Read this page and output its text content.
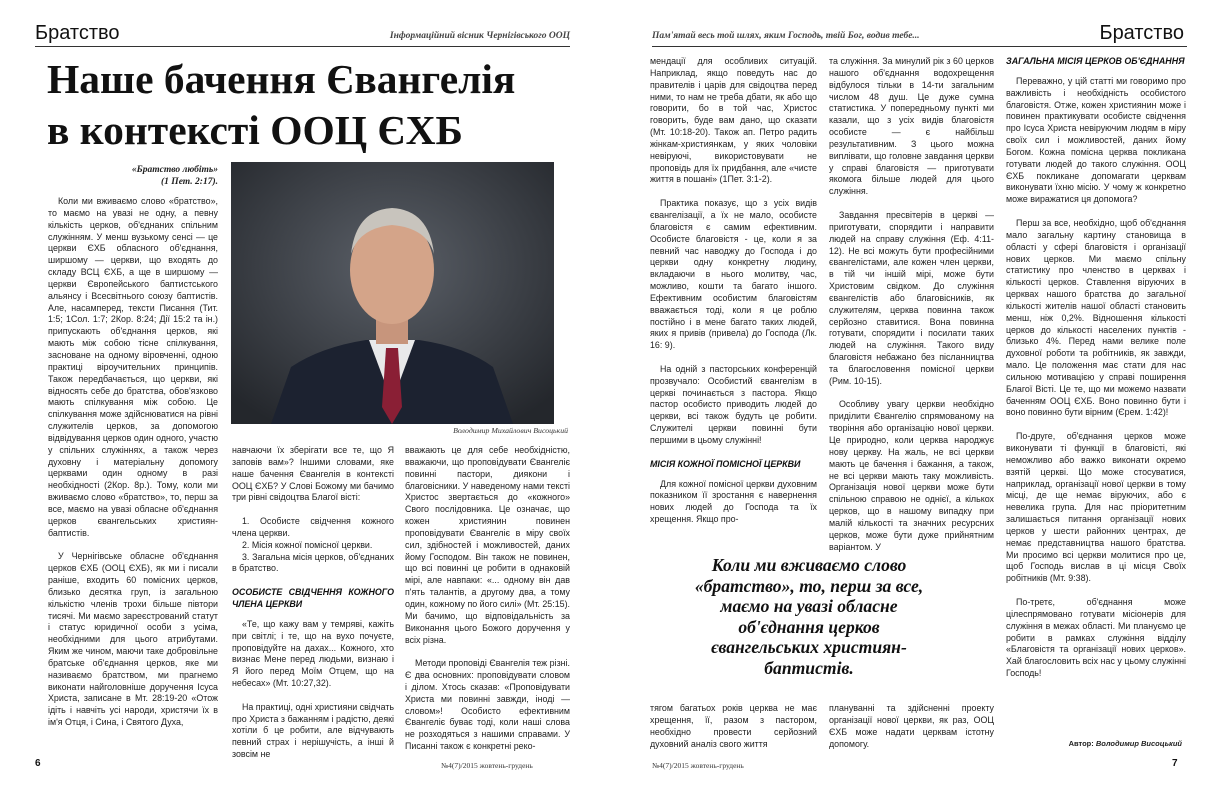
Братство	Інформаційний вісник Чернігівського ООЦ
Наше бачення Євангелія
в контексті ООЦ ЄХБ

«Братство любіть»
(1 Пет. 2:17).

Коли ми вживаємо слово «братство», то маємо на увазі не одну, а певну кількість церков, об'єднаних спільним служінням. У менш вузькому сенсі — це церкви ЄХБ обласного об'єднання, ширшому — церкви, що входять до складу ВСЦ ЄХБ, а ще в ширшому — церкви Європейського баптистського альянсу і Всесвітнього союзу баптистів. Але, насамперед, тексти Писання (Тит. 1:5; 1Сол. 1:7; 2Кор. 8:24; Дії 15:2 та ін.) припускають об'єднання церков, які мають між собою тісне спілкування, засноване на одному віровченні, одною практиці віроучительних принципів. Також передбачається, що церкви, які відносять себе до братства, обов'язково мають спілкування між собою. Це спілкування може здійснюватися на рівні служителів церков, за допомогою відвідування церков один одного, участю у спільних служіннях, а також через духовну і матеріальну допомогу церквами один одному в разі необхідності (2Кор. 8р.). Тому, коли ми вживаємо слово «братство», то, перш за все, маємо на увазі обласне об'єднання церков євангельських християн-баптистів.

У Чернігівське обласне об'єднання церков ЄХБ (ООЦ ЄХБ), як ми і писали раніше, входить 60 помісних церков, близько десятка груп, із загальною кількістю членів трохи більше півтори тисячі. Ми маємо зареєстрований статут і статус юридичної особи з усіма, необхідними для цього атрибутами. Яким же чином, маючи таке добровільне братське об'єднання церков, яке ми називаємо братством, ми прагнемо виконати найголовніше доручення Ісуса Христа, записане в Мт. 28:19-20 «Отож ідіть і навчіть усі народи, христячи їх в ім'я Отця, і Сина, і Святого Духа,

Володимир Михайлович Висоцький

навчаючи їх зберігати все те, що Я заповів вам»? Іншими словами, яке наше бачення Євангелія в контексті ООЦ ЄХБ? У Слові Божому ми бачимо три рівні свідоцтва Благої вісті:

1. Особисте свідчення кожного члена церкви.

2. Місія кожної помісної церкви.

3. Загальна місія церков, об'єднаних в братство.

ОСОБИСТЕ СВІДЧЕННЯ КОЖНОГО ЧЛЕНА ЦЕРКВИ

«Те, що кажу вам у темряві, кажіть при світлі; і те, що на вухо почуєте, проповідуйте на дахах... Кожного, хто визнає Мене перед людьми, визнаю і Я його перед Моїм Отцем, що на небесах» (Мт. 10:27,32).

На практиці, одні християни свідчать про Христа з бажанням і радістю, деякі хотіли б це робити, але відчувають певний страх і нерішучість, а інші й зовсім не

вважають це для себе необхідністю, вважаючи, що проповідувати Євангеліє повинні пастори, диякони і благовісники. У наведеному нами тексті Христос звертається до «кожного» Свого послідовника. Це означає, що кожен християнин повинен проповідувати Євангеліє в міру своїх сил, здібностей і можливостей, даних йому Господом. Він також не повинен, що всі повинні це робити в однаковій мірі, але навпаки: «... одному він дав п'ять талантів, а другому два, а тому один, кожному по його силі» (Мт. 25:15). Ми бачимо, що відповідальність за Виконання цього Божого доручення у всіх різна.

Методи проповіді Євангелія теж різні. Є два основних: проповідувати словом і ділом. Хтось сказав: «Проповідувати Христа ми повинні завжди, іноді — словом»! Особисто ефективним Євангеліє буває тоді, коли наші слова не розходяться з нашими справами. У Писанні також є конкретні реко-

6	№4(7)/2015 жовтень-грудень
Пам'ятай весь той шлях, яким Господь, твій Бог, водив тебе...	Братство

мендації для особливих ситуацій. Наприклад, якщо поведуть нас до правителів і царів для свідоцтва перед ними, то нам не треба дбати, як або що говорити, бо в той час, Христос говорить, буде вам дано, що сказати (Мт. 10:18-20). Також ап. Петро радить жінкам-християнкам, у яких чоловіки невіруючі, використовувати не проповідь для їх придбання, але «чисте життя в пошані» (1Пет. 3:1-2).

Практика показує, що з усіх видів євангелізації, а їх не мало, особисте благовістя є самим ефективним. Особисте благовістя - це, коли я за певний час наводжу до Господа і до церкви одну конкретну людину, вкладаючи в нього молитву, час, можливо, кошти та багато іншого. Ефективним особистим благовістям вважається тоді, коли я це роблю постійно і в мене багато таких людей, яких я привів (привела) до Господа (Лк. 16: 9).

На одній з пасторських конференцій прозвучало: Особистий євангелізм в церкві починається з пастора. Якщо пастор особисто приводить людей до церкви, всі також будуть це робити. Служителі церкви повинні бути першими в цьому служінні!

МІСІЯ КОЖНОЇ ПОМІСНОЇ ЦЕРКВИ

Для кожної помісної церкви духовним показником її зростання є навернення нових людей до Господа та їх хрещення. Якщо про-

та служіння. За минулий рік з 60 церков нашого об'єднання водохрещення відбулося тільки в 14-ти загальним числом 48 душ. Це дуже сумна статистика. У попередньому пункті ми казали, що з усіх видів благовістя особисте — є найбільш результативним. З цього можна виплівати, що головне завдання церкви у справі благовістя — приготувати якомога більше людей для цього служіння.

Завдання пресвітерів в церкві — приготувати, спорядити і направити людей на справу служіння (Еф. 4:11-12). Не всі можуть бути професійними євангелістами, але кожен член церкви, в тій чи іншій мірі, може бути Христовим свідком. До служіння євангелістів або благовісників, як служителям, церква повинна також серйозно ставитися. Вона повинна готувати, спорядити і посилати таких людей на служіння. Такого виду благовістя небажано без післанництва та благословення помісної церкви (Рим. 10-15).

Особливу увагу церкви необхідно приділити Євангелію спрямованому на творіння або організацію нової церкви. Це природно, коли церква народжує нову церкву. На жаль, не всі церкви мають це бачення і бажання, а також, не всі церкви мають таку можливість. Організація нової церкви може бути спільною справою не однієї, а кількох церков, що в нашому випадку при малій кількості та значних ресурсних церков, може бути дуже прийнятним варіантом. У

Коли ми вживаємо слово «братство», то, перш за все, маємо на увазі обласне об'єднання церков євангельських християн-баптистів.

тягом багатьох років церква не має хрещення, її, разом з пастором, необхідно провести серйозний духовний аналіз свого життя

плануванні та здійсненні проекту організації нової церкви, як раз, ООЦ ЄХБ може надати церквам істотну допомогу.

ЗАГАЛЬНА МІСІЯ ЦЕРКОВ ОБ'ЄДНАННЯ

Переважно, у цій статті ми говоримо про важливість і необхідність особистого благовістя. Отже, кожен християнин може і повинен практикувати особисте свідчення про Ісуса Христа невіруючим людям в міру своїх сил і можливостей, даних йому Богом. Кожна помісна церква покликана готувати людей до такого служіння. ООЦ ЄХБ покликане допомагати церквам виконувати їхню місію. У чому ж конкретно може виражатися ця допомога?

Перш за все, необхідно, щоб об'єднання мало загальну картину становища в області у сфері благовістя і організації нових церков. Ми маємо спільну статистику про членство в церквах і кількості церков. Ставлення віруючих в церквах нашого братства до загальної кількості жителів нашої області становить менш, ніж 0,2%. Відношення кількості церков до кількості населених пунктів - близько 4%. Перед нами велике поле духовної роботи та робітників, як завжди, мало. Це положення має стати для нас сильною мотивацією у справі поширення Благої Вісті. Це те, що ми можемо назвати баченням ООЦ ЄХБ. Воно повинно бути і воно повинно бути вірним (Єрем. 1:42)!

По-друге, об'єднання церков може виконувати ті функції в благовісті, які неможливо або важко виконати окремо взятій церкві. Що може стосуватися, наприклад, організації нової церкви в тому місці, де ще немає віруючих, або є невелика група. Для нас пріоритетним залишається питання організації нових церков у шести районних центрах, де немає представництва нашого братства. Ми просимо всі церкви молитися про це, щоб Господь вислав в ці місця Своїх робітників (Мт. 9:38).

По-третє, об'єднання може цілеспрямовано готувати місіонерів для служіння в межах області. Ми плануємо це робити в рамках служіння відділу «Благовістя та організації нових церков». Хай благословить всіх нас у цьому служінні Господь!

Автор: Володимир Висоцький
№4(7)/2015 жовтень-грудень	7
